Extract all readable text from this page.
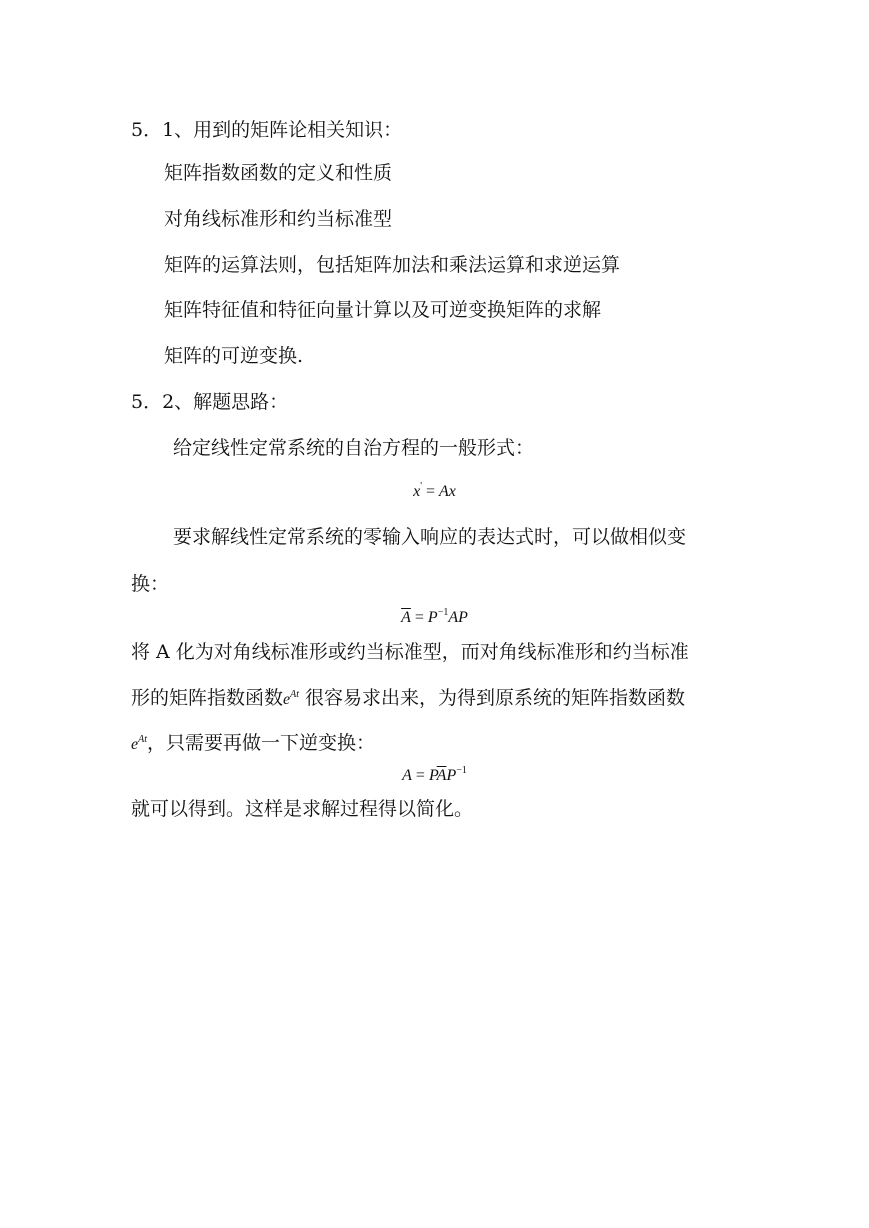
5．1、用到的矩阵论相关知识：
矩阵指数函数的定义和性质
对角线标准形和约当标准型
矩阵的运算法则，包括矩阵加法和乘法运算和求逆运算
矩阵特征值和特征向量计算以及可逆变换矩阵的求解
矩阵的可逆变换.
5．2、解题思路：
给定线性定常系统的自治方程的一般形式：
x' = Ax
要求解线性定常系统的零输入响应的表达式时，可以做相似变
换：
$\overline{A} = P^{-1}AP$
将 A 化为对角线标准形或约当标准型，而对角线标准形和约当标准
形的矩阵指数函数$e^{At}$ 很容易求出来，为得到原系统的矩阵指数函数
$e^{At}$，只需要再做一下逆变换：
$A = P\overline{A}P^{-1}$
就可以得到。这样是求解过程得以简化。
